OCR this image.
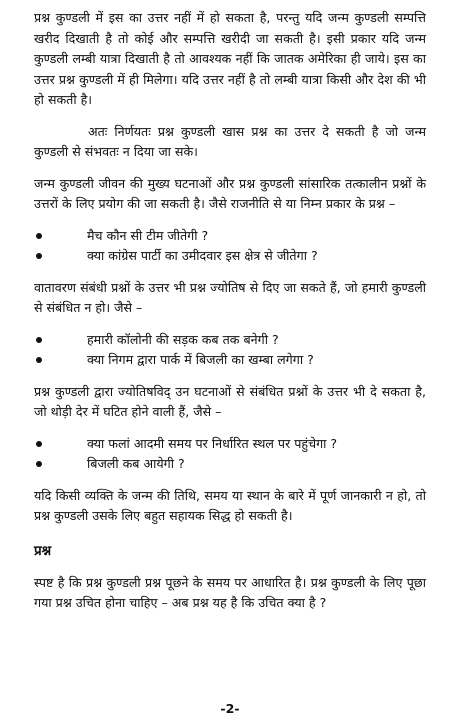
प्रश्न कुण्डली में इस का उत्तर नहीं में हो सकता है, परन्तु यदि जन्म कुण्डली सम्पत्ति खरीद दिखाती है तो कोई और सम्पत्ति खरीदी जा सकती है। इसी प्रकार यदि जन्म कुण्डली लम्बी यात्रा दिखाती है तो आवश्यक नहीं कि जातक अमेरिका ही जाये। इस का उत्तर प्रश्न कुण्डली में ही मिलेगा। यदि उत्तर नहीं है तो लम्बी यात्रा किसी और देश की भी हो सकती है।

अतः निर्णयतः प्रश्न कुण्डली खास प्रश्न का उत्तर दे सकती है जो जन्म कुण्डली से संभवतः न दिया जा सके।

जन्म कुण्डली जीवन की मुख्य घटनाओं और प्रश्न कुण्डली सांसारिक तत्कालीन प्रश्नों के उत्तरों के लिए प्रयोग की जा सकती है। जैसे राजनीति से या निम्न प्रकार के प्रश्न –

मैच कौन सी टीम जीतेगी ?
क्या कांग्रेस पार्टी का उमीदवार इस क्षेत्र से जीतेगा ?

वातावरण संबंधी प्रश्नों के उत्तर भी प्रश्न ज्योतिष से दिए जा सकते हैं, जो हमारी कुण्डली से संबंधित न हो। जैसे –

हमारी कॉलोनी की सड़क कब तक बनेगी ?
क्या निगम द्वारा पार्क में बिजली का खम्बा लगेगा ?

प्रश्न कुण्डली द्वारा ज्योतिषविद् उन घटनाओं से संबंधित प्रश्नों के उत्तर भी दे सकता है, जो थोड़ी देर में घटित होने वाली हैं, जैसे –

क्या फलां आदमी समय पर निर्धारित स्थल पर पहुंचेगा ?
बिजली कब आयेगी ?

यदि किसी व्यक्ति के जन्म की तिथि, समय या स्थान के बारे में पूर्ण जानकारी न हो, तो प्रश्न कुण्डली उसके लिए बहुत सहायक सिद्ध हो सकती है।

प्रश्न

स्पष्ट है कि प्रश्न कुण्डली प्रश्न पूछने के समय पर आधारित है। प्रश्न कुण्डली के लिए पूछा गया प्रश्न उचित होना चाहिए – अब प्रश्न यह है कि उचित क्या है ?

-2-
